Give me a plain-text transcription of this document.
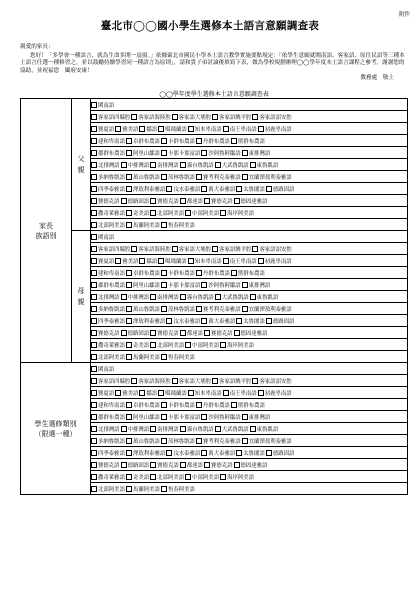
附件
臺北市◯◯國小學生選修本土語言意願調查表

親愛的家長：

您好！「多學會一種語言，就為生命多開一扇窗。」依據臺北市國民小學本土語言教學實施要點規定：「依學生意願就閩南語、客家語、原住民語等三種本土語言任選一種修習之，並以鼓勵持續學習同一種語言為原則」，請和貴子弟討論後填寫下表，做為學校規劃辦理◯◯學年度本土語言課程之參考，謝謝您的協助，並祝福您　闔府安康！

教務處　敬上

◯◯學年度學生選修本土語言意願調查表
家長
族語別	父
親	閩南語
		客家語四縣腔 客家語海陸腔 客家語大埔腔 客家語饒平腔 客家語詔安腔
		賽夏語 雅美語 鄒語 噶瑪蘭語 知本卑南語 南王卑南語 初鹿卑南語
		建和卑南語 卓群布農語 卡群布農語 丹群布農語 巒群布農語
		郡群布農語 阿里山鄒語 卡那卡那富語 沙阿魯阿鄒語 東排灣語
		北排灣語 中排灣語 南排灣語 霧台魯凱語 大武魯凱語 東魯凱語
		多納魯凱語 萬山魯凱語 茂林魯凱語 賽考利克泰雅語 宜蘭澤敖利泰雅語
		四季泰雅語 澤敖利泰雅語 汶水泰雅語 萬大泰雅語 太魯閣語 德路固語
		賽德克語 德路固語 賽德克語 都達語 賽德克語 德固達雅語
		撒奇萊雅語 奇美語 北部阿美語 中部阿美語 海岸阿美語
		北部阿美語 馬蘭阿美語 恆春阿美語
	母
親	閩南語
		客家語四縣腔 客家語海陸腔 客家語大埔腔 客家語饒平腔 客家語詔安腔
		賽夏語 雅美語 鄒語 噶瑪蘭語 知本卑南語 南王卑南語 初鹿卑南語
		建和卑南語 卓群布農語 卡群布農語 丹群布農語 巒群布農語
		郡群布農語 阿里山鄒語 卡那卡那富語 沙阿魯阿鄒語 東排灣語
		北排灣語 中排灣語 南排灣語 霧台魯凱語 大武魯凱語 東魯凱語
		多納魯凱語 萬山魯凱語 茂林魯凱語 賽考利克泰雅語 宜蘭澤敖利泰雅語
		四季泰雅語 澤敖利泰雅語 汶水泰雅語 萬大泰雅語 太魯閣語 德路固語
		賽德克語 德路固語 賽德克語 都達語 賽德克語 德固達雅語
		撒奇萊雅語 奇美語 北部阿美語 中部阿美語 海岸阿美語
		北部阿美語 馬蘭阿美語 恆春阿美語
學生選修類別
（限選一種）		閩南語
		客家語四縣腔 客家語海陸腔 客家語大埔腔 客家語饒平腔 客家語詔安腔
		賽夏語 雅美語 鄒語 噶瑪蘭語 知本卑南語 南王卑南語 初鹿卑南語
		建和卑南語 卓群布農語 卡群布農語 丹群布農語 巒群布農語
		郡群布農語 阿里山鄒語 卡那卡那富語 沙阿魯阿鄒語 東排灣語
		北排灣語 中排灣語 南排灣語 霧台魯凱語 大武魯凱語 東魯凱語
		多納魯凱語 萬山魯凱語 茂林魯凱語 賽考利克泰雅語 宜蘭澤敖利泰雅語
		四季泰雅語 澤敖利泰雅語 汶水泰雅語 萬大泰雅語 太魯閣語 德路固語
		賽德克語 德路固語 賽德克語 都達語 賽德克語 德固達雅語
		撒奇萊雅語 奇美語 北部阿美語 中部阿美語 海岸阿美語
		北部阿美語 馬蘭阿美語 恆春阿美語
